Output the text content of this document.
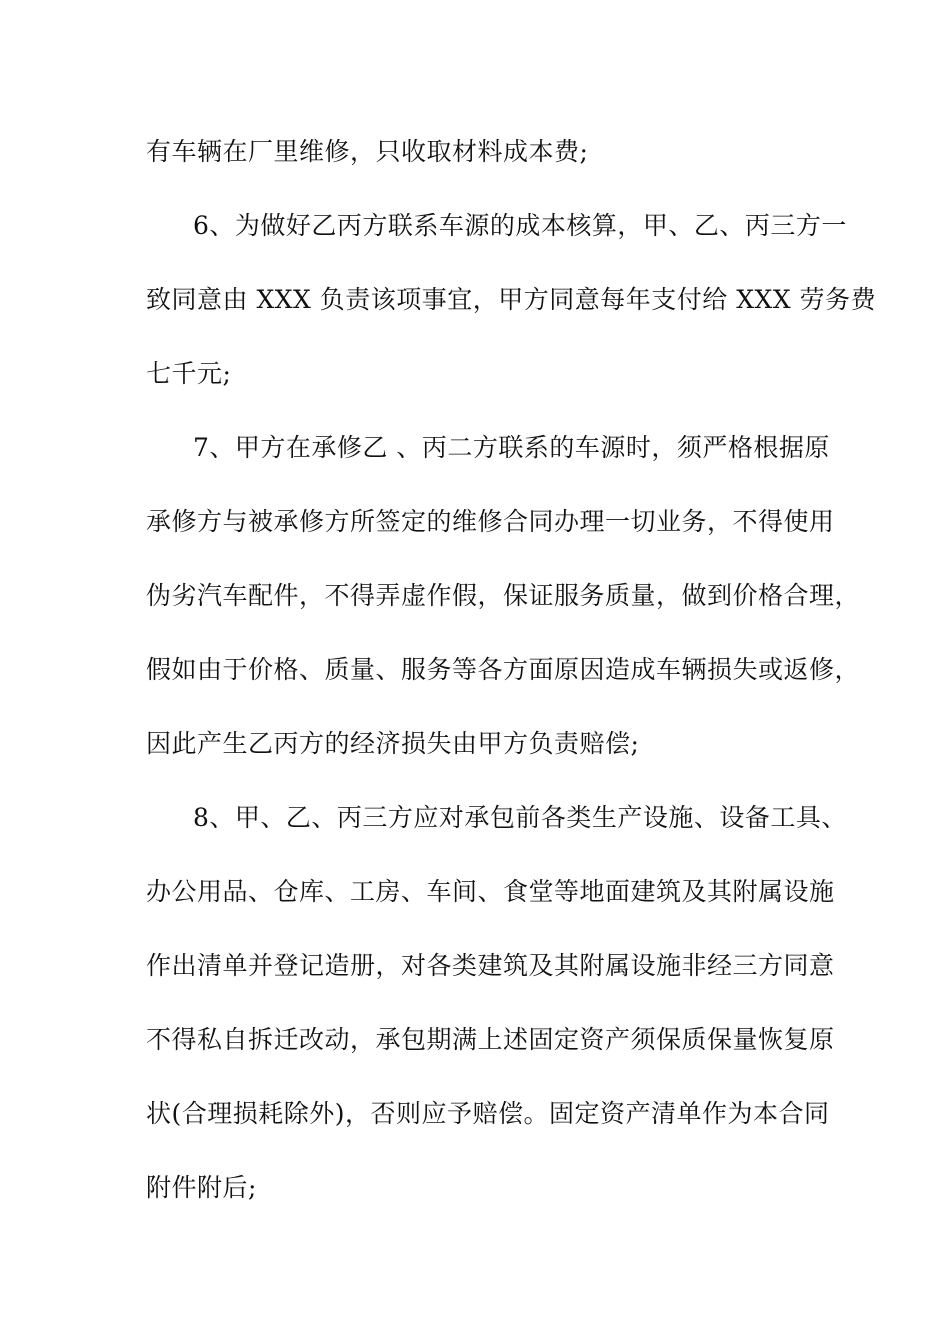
有车辆在厂里维修，只收取材料成本费;
6、为做好乙丙方联系车源的成本核算，甲、乙、丙三方一
致同意由 XXX 负责该项事宜，甲方同意每年支付给 XXX 劳务费
七千元;
7、甲方在承修乙 、丙二方联系的车源时，须严格根据原
承修方与被承修方所签定的维修合同办理一切业务，不得使用
伪劣汽车配件，不得弄虚作假，保证服务质量，做到价格合理，
假如由于价格、质量、服务等各方面原因造成车辆损失或返修，
因此产生乙丙方的经济损失由甲方负责赔偿;
8、甲、乙、丙三方应对承包前各类生产设施、设备工具、
办公用品、仓库、工房、车间、食堂等地面建筑及其附属设施
作出清单并登记造册，对各类建筑及其附属设施非经三方同意
不得私自拆迁改动，承包期满上述固定资产须保质保量恢复原
状(合理损耗除外)，否则应予赔偿。固定资产清单作为本合同
附件附后;
